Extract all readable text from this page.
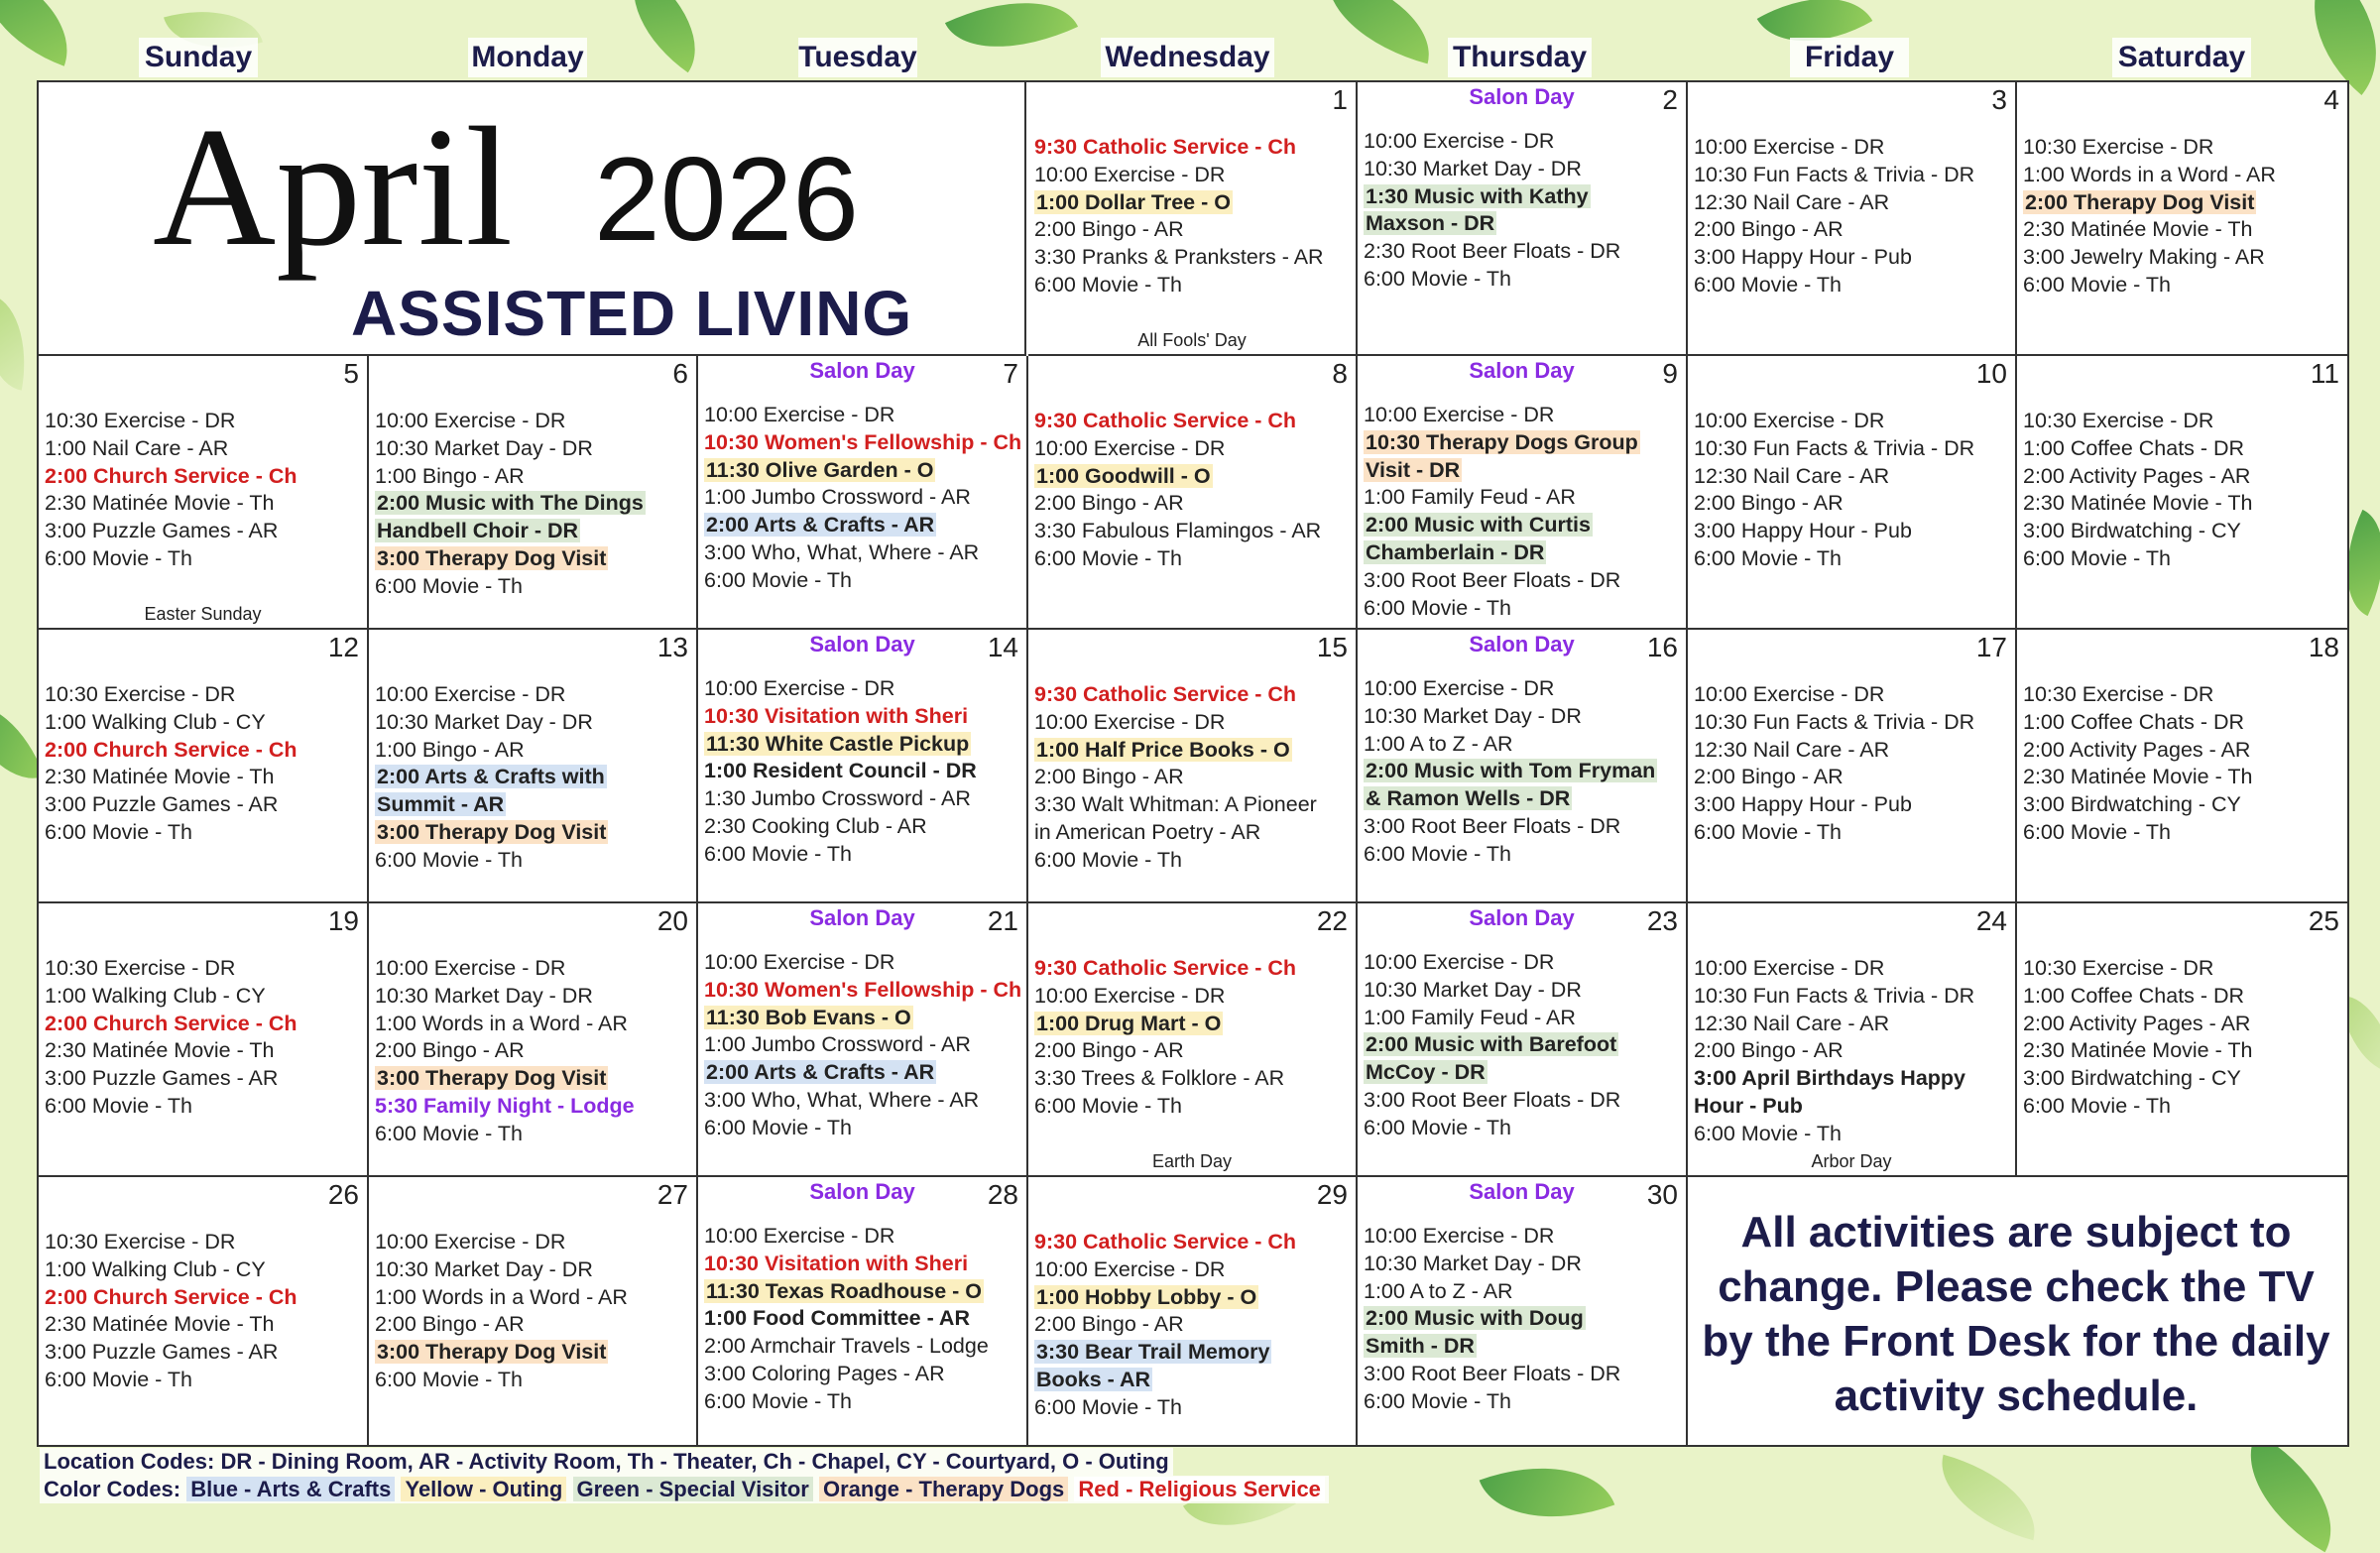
Sunday	Monday	Tuesday	Wednesday	Thursday	Friday	Saturday
April 2026
ASSISTED LIVING
All activities are subject to change. Please check the TV by the Front Desk for the daily activity schedule.
1
9:30 Catholic Service - Ch
10:00 Exercise - DR
1:00 Dollar Tree - O
2:00 Bingo - AR
3:30 Pranks & Pranksters - AR
6:00 Movie - Th
All Fools' Day
2
Salon Day
10:00 Exercise - DR
10:30 Market Day - DR
1:30 Music with Kathy
Maxson - DR
2:30 Root Beer Floats - DR
6:00 Movie - Th
3
10:00 Exercise - DR
10:30 Fun Facts & Trivia - DR
12:30 Nail Care - AR
2:00 Bingo - AR
3:00 Happy Hour - Pub
6:00 Movie - Th
4
10:30 Exercise - DR
1:00 Words in a Word - AR
2:00 Therapy Dog Visit
2:30 Matinée Movie - Th
3:00 Jewelry Making - AR
6:00 Movie - Th
5
10:30 Exercise - DR
1:00 Nail Care - AR
2:00 Church Service - Ch
2:30 Matinée Movie - Th
3:00 Puzzle Games - AR
6:00 Movie - Th
Easter Sunday
6
10:00 Exercise - DR
10:30 Market Day - DR
1:00 Bingo - AR
2:00 Music with The Dings
Handbell Choir - DR
3:00 Therapy Dog Visit
6:00 Movie - Th
7
Salon Day
10:00 Exercise - DR
10:30 Women's Fellowship - Ch
11:30 Olive Garden - O
1:00 Jumbo Crossword - AR
2:00 Arts & Crafts - AR
3:00 Who, What, Where - AR
6:00 Movie - Th
8
9:30 Catholic Service - Ch
10:00 Exercise - DR
1:00 Goodwill - O
2:00 Bingo - AR
3:30 Fabulous Flamingos - AR
6:00 Movie - Th
9
Salon Day
10:00 Exercise - DR
10:30 Therapy Dogs Group
Visit - DR
1:00 Family Feud - AR
2:00 Music with Curtis
Chamberlain - DR
3:00 Root Beer Floats - DR
6:00 Movie - Th
10
10:00 Exercise - DR
10:30 Fun Facts & Trivia - DR
12:30 Nail Care - AR
2:00 Bingo - AR
3:00 Happy Hour - Pub
6:00 Movie - Th
11
10:30 Exercise - DR
1:00 Coffee Chats - DR
2:00 Activity Pages - AR
2:30 Matinée Movie - Th
3:00 Birdwatching - CY
6:00 Movie - Th
12
10:30 Exercise - DR
1:00 Walking Club - CY
2:00 Church Service - Ch
2:30 Matinée Movie - Th
3:00 Puzzle Games - AR
6:00 Movie - Th
13
10:00 Exercise - DR
10:30 Market Day - DR
1:00 Bingo - AR
2:00 Arts & Crafts with
Summit - AR
3:00 Therapy Dog Visit
6:00 Movie - Th
14
Salon Day
10:00 Exercise - DR
10:30 Visitation with Sheri
11:30 White Castle Pickup
1:00 Resident Council - DR
1:30 Jumbo Crossword - AR
2:30 Cooking Club - AR
6:00 Movie - Th
15
9:30 Catholic Service - Ch
10:00 Exercise - DR
1:00 Half Price Books - O
2:00 Bingo - AR
3:30 Walt Whitman: A Pioneer
in American Poetry - AR
6:00 Movie - Th
16
Salon Day
10:00 Exercise - DR
10:30 Market Day - DR
1:00 A to Z - AR
2:00 Music with Tom Fryman
& Ramon Wells - DR
3:00 Root Beer Floats - DR
6:00 Movie - Th
17
10:00 Exercise - DR
10:30 Fun Facts & Trivia - DR
12:30 Nail Care - AR
2:00 Bingo - AR
3:00 Happy Hour - Pub
6:00 Movie - Th
18
10:30 Exercise - DR
1:00 Coffee Chats - DR
2:00 Activity Pages - AR
2:30 Matinée Movie - Th
3:00 Birdwatching - CY
6:00 Movie - Th
19
10:30 Exercise - DR
1:00 Walking Club - CY
2:00 Church Service - Ch
2:30 Matinée Movie - Th
3:00 Puzzle Games - AR
6:00 Movie - Th
20
10:00 Exercise - DR
10:30 Market Day - DR
1:00 Words in a Word - AR
2:00 Bingo - AR
3:00 Therapy Dog Visit
5:30 Family Night - Lodge
6:00 Movie - Th
21
Salon Day
10:00 Exercise - DR
10:30 Women's Fellowship - Ch
11:30 Bob Evans - O
1:00 Jumbo Crossword - AR
2:00 Arts & Crafts - AR
3:00 Who, What, Where - AR
6:00 Movie - Th
22
9:30 Catholic Service - Ch
10:00 Exercise - DR
1:00 Drug Mart - O
2:00 Bingo - AR
3:30 Trees & Folklore - AR
6:00 Movie - Th
Earth Day
23
Salon Day
10:00 Exercise - DR
10:30 Market Day - DR
1:00 Family Feud - AR
2:00 Music with Barefoot
McCoy - DR
3:00 Root Beer Floats - DR
6:00 Movie - Th
24
10:00 Exercise - DR
10:30 Fun Facts & Trivia - DR
12:30 Nail Care - AR
2:00 Bingo - AR
3:00 April Birthdays Happy
Hour - Pub
6:00 Movie - Th
Arbor Day
25
10:30 Exercise - DR
1:00 Coffee Chats - DR
2:00 Activity Pages - AR
2:30 Matinée Movie - Th
3:00 Birdwatching - CY
6:00 Movie - Th
26
10:30 Exercise - DR
1:00 Walking Club - CY
2:00 Church Service - Ch
2:30 Matinée Movie - Th
3:00 Puzzle Games - AR
6:00 Movie - Th
27
10:00 Exercise - DR
10:30 Market Day - DR
1:00 Words in a Word - AR
2:00 Bingo - AR
3:00 Therapy Dog Visit
6:00 Movie - Th
28
Salon Day
10:00 Exercise - DR
10:30 Visitation with Sheri
11:30 Texas Roadhouse - O
1:00 Food Committee - AR
2:00 Armchair Travels - Lodge
3:00 Coloring Pages - AR
6:00 Movie - Th
29
9:30 Catholic Service - Ch
10:00 Exercise - DR
1:00 Hobby Lobby - O
2:00 Bingo - AR
3:30 Bear Trail Memory
Books - AR
6:00 Movie - Th
30
Salon Day
10:00 Exercise - DR
10:30 Market Day - DR
1:00 A to Z - AR
2:00 Music with Doug
Smith - DR
3:00 Root Beer Floats - DR
6:00 Movie - Th
Location Codes: DR - Dining Room, AR - Activity Room, Th - Theater, Ch - Chapel, CY - Courtyard, O - Outing
Color Codes: Blue - Arts & Crafts Yellow - Outing Green - Special Visitor Orange - Therapy Dogs Red - Religious Service
